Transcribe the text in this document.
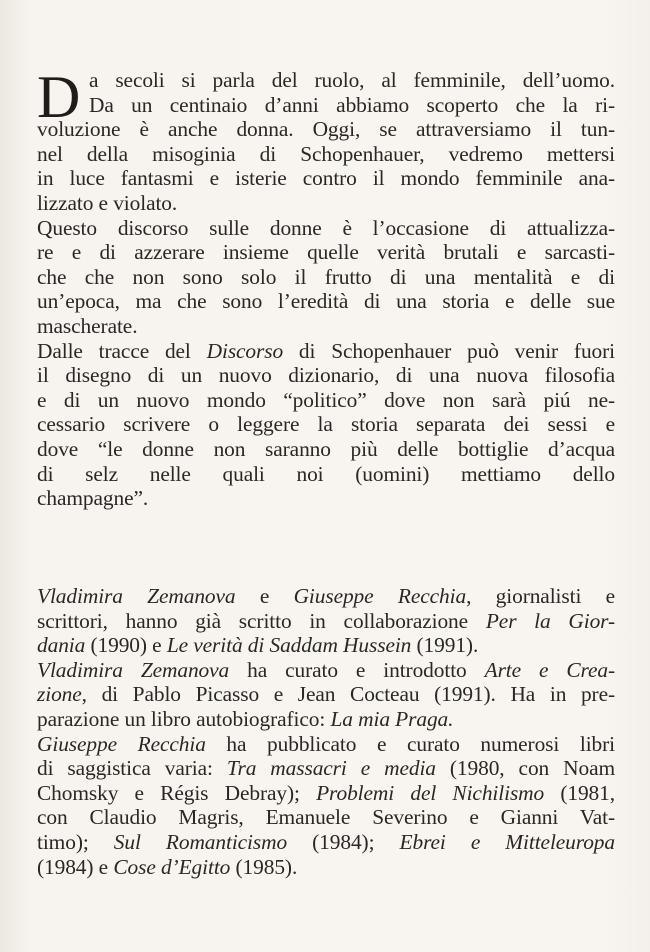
D a secoli si parla del ruolo, al femminile, dell’uomo.
Da un centinaio d’anni abbiamo scoperto che la ri-
voluzione è anche donna. Oggi, se attraversiamo il tun-
nel della misoginia di Schopenhauer, vedremo mettersi
in luce fantasmi e isterie contro il mondo femminile ana-
lizzato e violato.
Questo discorso sulle donne è l’occasione di attualizza-
re e di azzerare insieme quelle verità brutali e sarcasti-
che che non sono solo il frutto di una mentalità e di
un’epoca, ma che sono l’eredità di una storia e delle sue
mascherate.
Dalle tracce del Discorso di Schopenhauer può venir fuori
il disegno di un nuovo dizionario, di una nuova filosofia
e di un nuovo mondo “politico” dove non sarà piú ne-
cessario scrivere o leggere la storia separata dei sessi e
dove “le donne non saranno più delle bottiglie d’acqua
di selz nelle quali noi (uomini) mettiamo dello
champagne”.
Vladimira Zemanova e Giuseppe Recchia, giornalisti e
scrittori, hanno già scritto in collaborazione Per la Gior-
dania (1990) e Le verità di Saddam Hussein (1991).
Vladimira Zemanova ha curato e introdotto Arte e Crea-
zione, di Pablo Picasso e Jean Cocteau (1991). Ha in pre-
parazione un libro autobiografico: La mia Praga.
Giuseppe Recchia ha pubblicato e curato numerosi libri
di saggistica varia: Tra massacri e media (1980, con Noam
Chomsky e Régis Debray); Problemi del Nichilismo (1981,
con Claudio Magris, Emanuele Severino e Gianni Vat-
timo); Sul Romanticismo (1984); Ebrei e Mitteleuropa
(1984) e Cose d’Egitto (1985).
